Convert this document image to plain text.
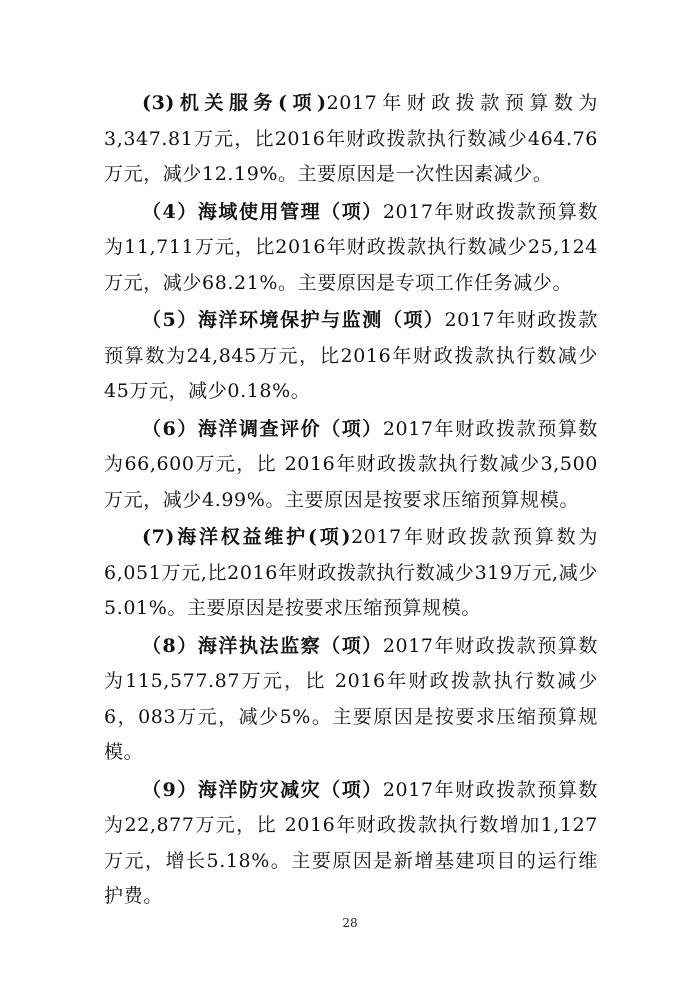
(3)机关服务(项)2017年财政拨款预算数为3,347.81万元，比2016年财政拨款执行数减少464.76万元，减少12.19%。主要原因是一次性因素减少。

（4）海域使用管理（项）2017年财政拨款预算数为11,711万元，比2016年财政拨款执行数减少25,124万元，减少68.21%。主要原因是专项工作任务减少。

（5）海洋环境保护与监测（项）2017年财政拨款预算数为24,845万元，比2016年财政拨款执行数减少45万元，减少0.18%。

（6）海洋调查评价（项）2017年财政拨款预算数为66,600万元，比 2016年财政拨款执行数减少3,500万元，减少4.99%。主要原因是按要求压缩预算规模。

(7)海洋权益维护(项)2017年财政拨款预算数为6,051万元,比2016年财政拨款执行数减少319万元,减少5.01%。主要原因是按要求压缩预算规模。

（8）海洋执法监察（项）2017年财政拨款预算数为115,577.87万元，比 2016年财政拨款执行数减少6，083万元，减少5%。主要原因是按要求压缩预算规模。

（9）海洋防灾减灾（项）2017年财政拨款预算数为22,877万元，比 2016年财政拨款执行数增加1,127万元，增长5.18%。主要原因是新增基建项目的运行维护费。

28
